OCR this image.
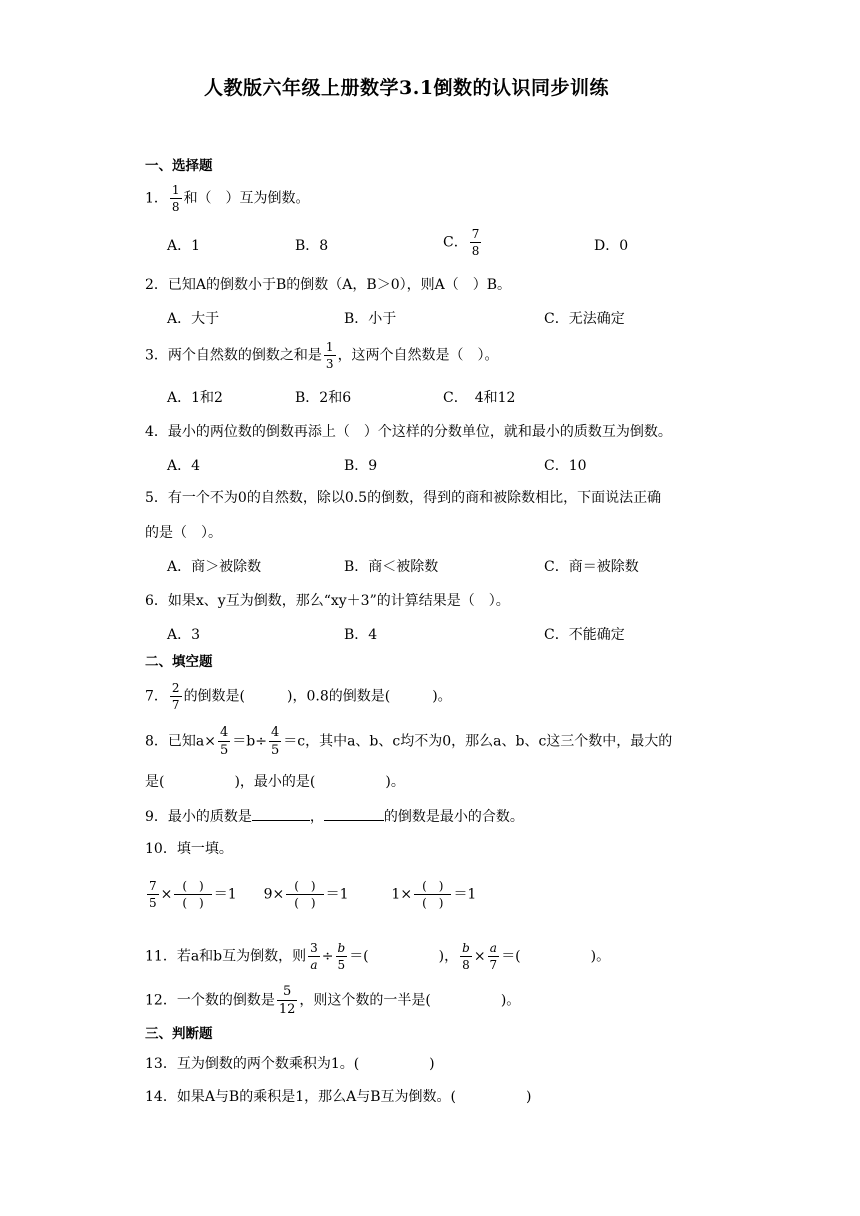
人教版六年级上册数学3.1倒数的认识同步训练
一、选择题
1． $\frac{1}{8}$ 和（　）互为倒数。
A．1	B．8	C． $\frac{7}{8}$	D．0
2．已知A的倒数小于B的倒数（A，B＞0），则A（　）B。
A．大于	B．小于	C．无法确定
3．两个自然数的倒数之和是 $\frac{1}{3}$ ，这两个自然数是（　）。
A．1和2	B．2和6	C．　4和12
4．最小的两位数的倒数再添上（　）个这样的分数单位，就和最小的质数互为倒数。
A．4	B．9	C．10
5．有一个不为0的自然数，除以0.5的倒数，得到的商和被除数相比，下面说法正确
的是（　）。
A．商＞被除数	B．商＜被除数	C．商＝被除数
6．如果x、y互为倒数，那么“xy＋3”的计算结果是（　）。
A．3	B．4	C．不能确定
二、填空题
7． $\frac{2}{7}$ 的倒数是(　　　)，0.8的倒数是(　　　)。
8．已知$a\times \frac{4}{5} =b\div \frac{4}{5} =c$，其中a、b、c均不为0，那么a、b、c这三个数中，最大的
是(　　　　　)，最小的是(　　　　　)。
9．最小的质数是	，	的倒数是最小的合数。
10．填一填。
$\frac{7}{5} \times \frac{( )}{( )} =1$ $9\times \frac{( )}{( )} =1$	$1\times \frac{( )}{( )} =1$
11．若a和b互为倒数，则 $\frac{3}{a} \div \frac{b}{5}$ ＝(　　　　　)， $\frac{b}{8} \times \frac{a}{7}$ ＝(　　　　　)。
12．一个数的倒数是 $\frac{5}{12}$ ，则这个数的一半是(　　　　　)。
三、判断题
13．互为倒数的两个数乘积为1。(　　　　　)
14．如果A与B的乘积是1，那么A与B互为倒数。(　　　　　)
